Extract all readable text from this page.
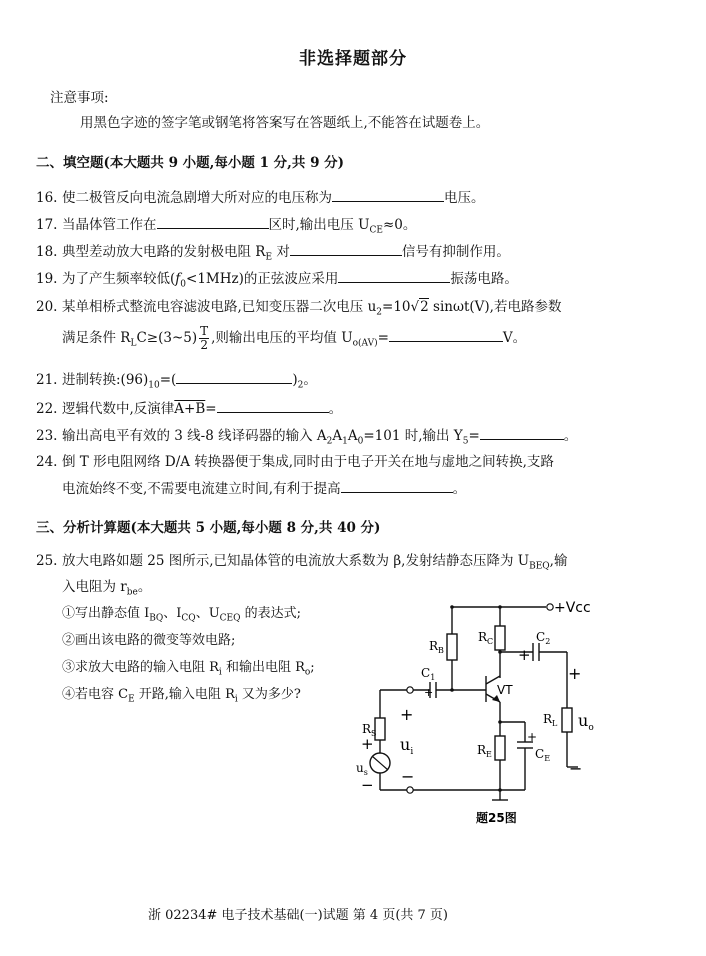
非选择题部分
注意事项:
用黑色字迹的签字笔或钢笔将答案写在答题纸上,不能答在试题卷上。
二、填空题(本大题共 9 小题,每小题 1 分,共 9 分)
16. 使二极管反向电流急剧增大所对应的电压称为	电压。
17. 当晶体管工作在	区时,输出电压 $U_{CE}\approx 0$。
18. 典型差动放大电路的发射极电阻 $R_E$ 对	信号有抑制作用。
19. 为了产生频率较低$(f_0<1MHz)$的正弦波应采用	振荡电路。
20. 某单相桥式整流电容滤波电路,已知变压器二次电压 $u_2=10√2$ sinωt(V),若电路参数
满足条件 $R_LC\ge(3\sim 5) \frac{T}{2}$ ,则输出电压的平均值 $U_{o(AV)}=$	V。
21. 进制转换$:(96)_{10}=$(	)$_2$。
22. 逻辑代数中,反演律A+B=	。
23. 输出高电平有效的 3 线-8 线译码器的输入 $A_2A_1A_0=101$ 时,输出 $Y_5=$	。
24. 倒 T 形电阻网络 D/A 转换器便于集成,同时由于电子开关在地与虚地之间转换,支路
电流始终不变,不需要电流建立时间,有利于提高	。
三、分析计算题(本大题共 5 小题,每小题 8 分,共 40 分)
25. 放大电路如题 25 图所示,已知晶体管的电流放大系数为 β,发射结静态压降为 $U_{BEQ}$,输
入电阻为 $r_{be}$。
①写出静态值 $I_{BQ}$、$I_{CQ}$、$U_{CEQ}$ 的表达式;
②画出该电路的微变等效电路;
③求放大电路的输入电阻 $R_i$ 和输出电阻 $R_o$;
④若电容 $C_E$ 开路,输入电阻 $R_i$ 又为多少?
+Vcc
$R_B$
$R_C$	$C_2$
+
$C_1$
+	VT
+
$R_L$ $u_o$
−
$R_S$
+
$u_s$
−
+
$u_i$
−
$R_E$
+
$C_E$
题25图
浙 02234# 电子技术基础(一)试题 第 4 页(共 7 页)
